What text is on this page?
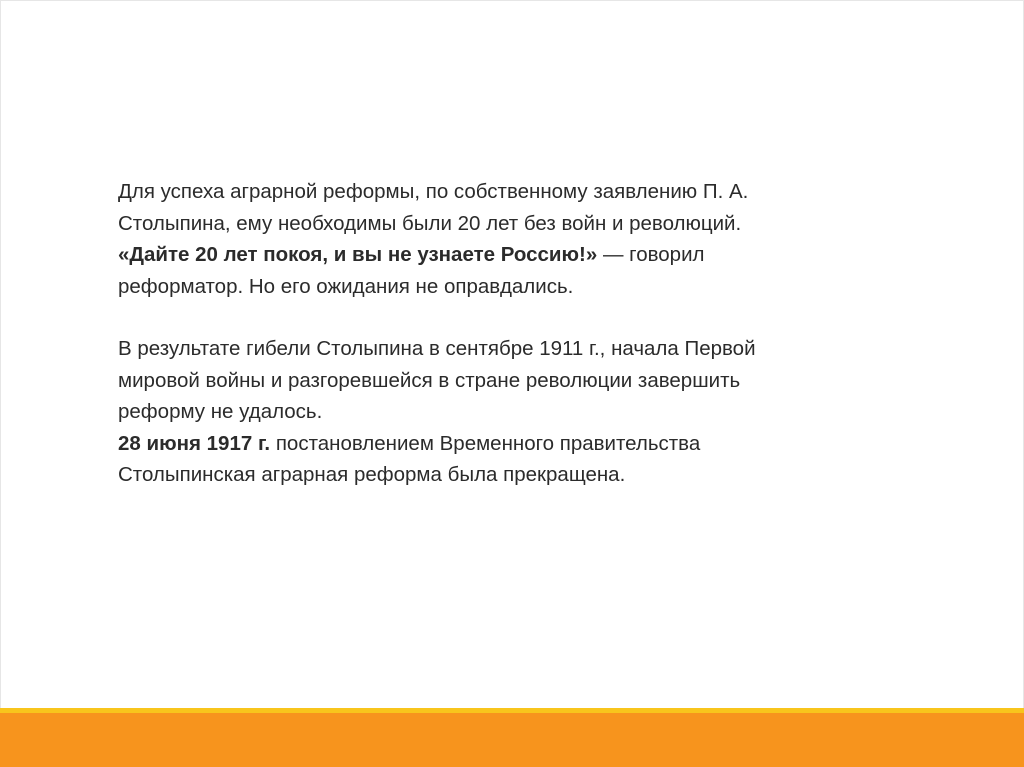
Для успеха аграрной реформы, по собственному заявлению П. А.
Столыпина, ему необходимы были 20 лет без войн и революций.
«Дайте 20 лет покоя, и вы не узнаете Россию!» — говорил
реформатор. Но его ожидания не оправдались.

В результате гибели Столыпина в сентябре 1911 г., начала Первой
мировой войны и разгоревшейся в стране революции завершить
реформу не удалось.
28 июня 1917 г. постановлением Временного правительства
Столыпинская аграрная реформа была прекращена.
